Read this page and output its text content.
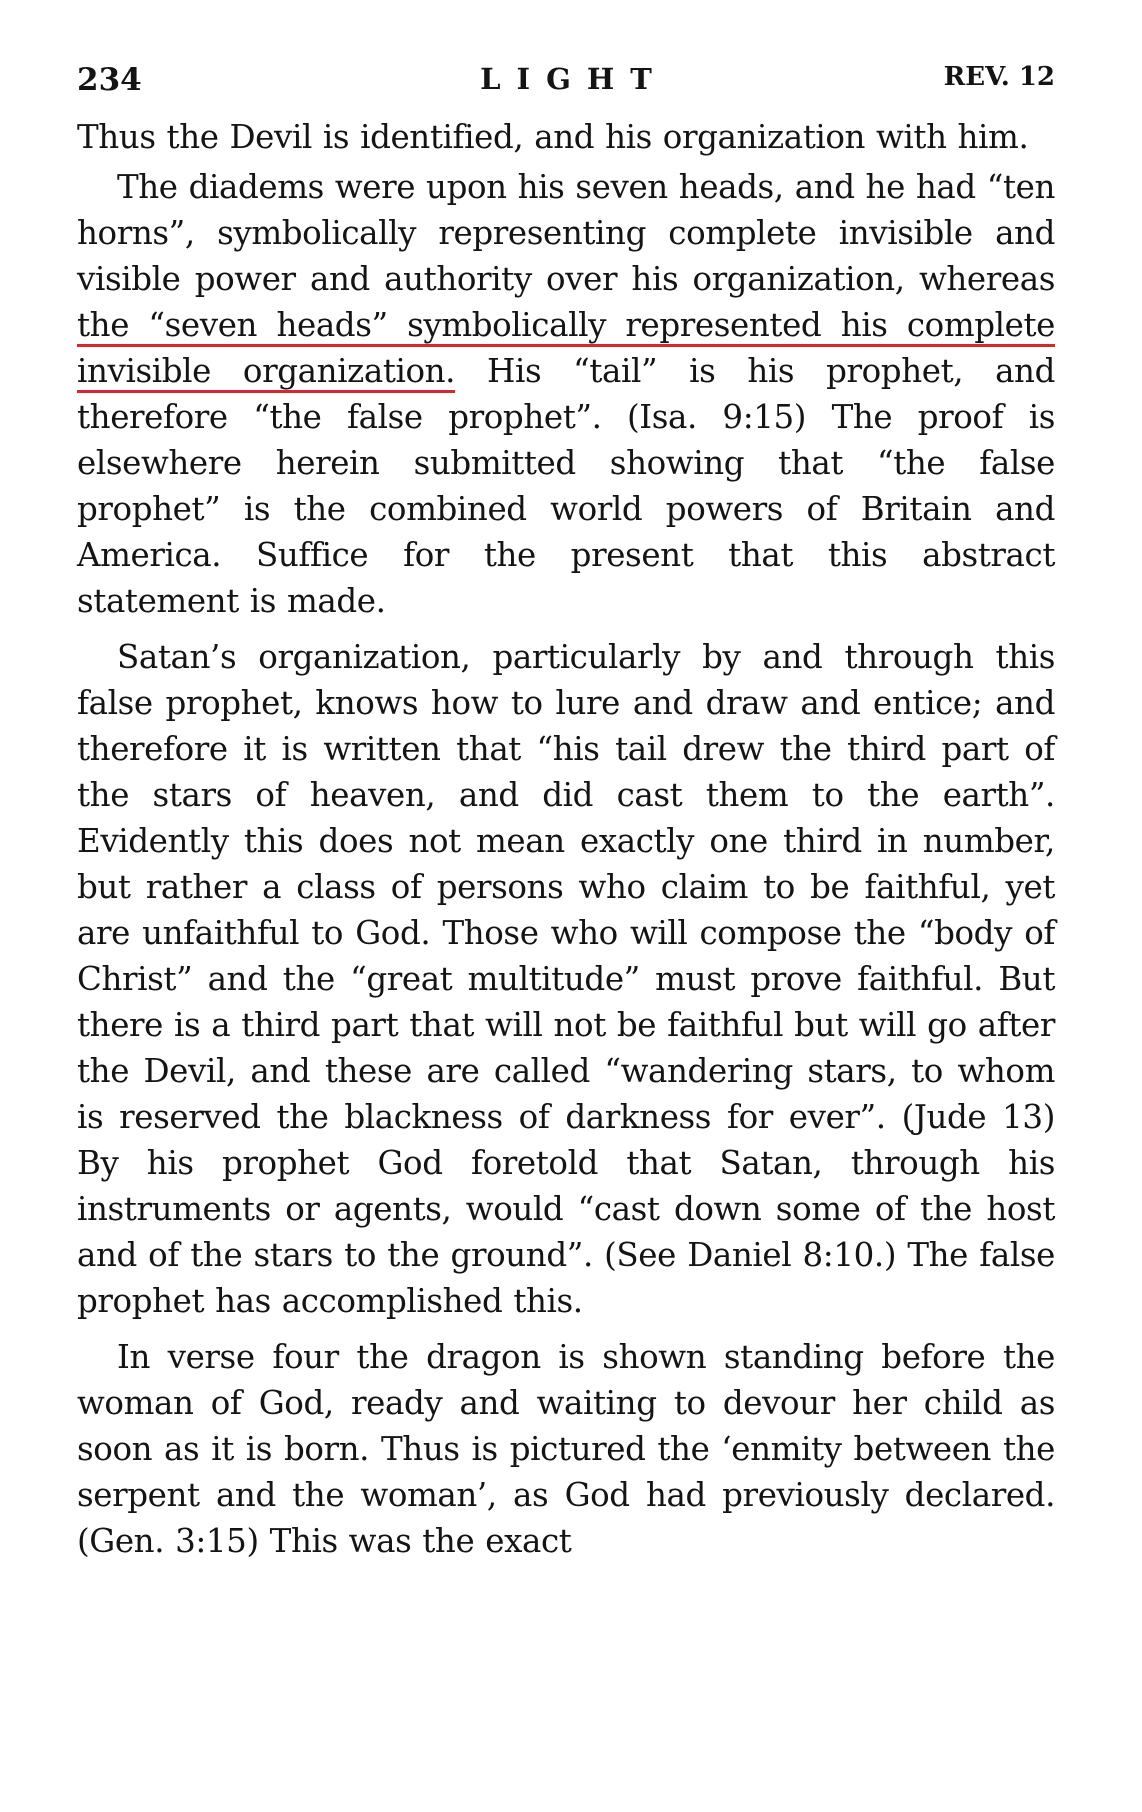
234	LIGHT	REV. 12

Thus the Devil is identified, and his organization with him.

The diadems were upon his seven heads, and he had “ten horns”, symbolically representing complete invisible and visible power and authority over his organization, whereas the “seven heads” symbolically represented his complete invisible organization. His “tail” is his prophet, and therefore “the false prophet”. (Isa. 9:15) The proof is elsewhere herein submitted showing that “the false prophet” is the combined world powers of Britain and America. Suffice for the present that this abstract statement is made.

Satan’s organization, particularly by and through this false prophet, knows how to lure and draw and entice; and therefore it is written that “his tail drew the third part of the stars of heaven, and did cast them to the earth”. Evidently this does not mean exactly one third in number, but rather a class of persons who claim to be faithful, yet are unfaithful to God. Those who will compose the “body of Christ” and the “great multitude” must prove faithful. But there is a third part that will not be faithful but will go after the Devil, and these are called “wandering stars, to whom is reserved the blackness of darkness for ever”. (Jude 13) By his prophet God foretold that Satan, through his instruments or agents, would “cast down some of the host and of the stars to the ground”. (See Daniel 8:10.) The false prophet has accomplished this.

In verse four the dragon is shown standing before the woman of God, ready and waiting to devour her child as soon as it is born. Thus is pictured the ‘enmity between the serpent and the woman’, as God had previously declared. (Gen. 3:15) This was the exact
